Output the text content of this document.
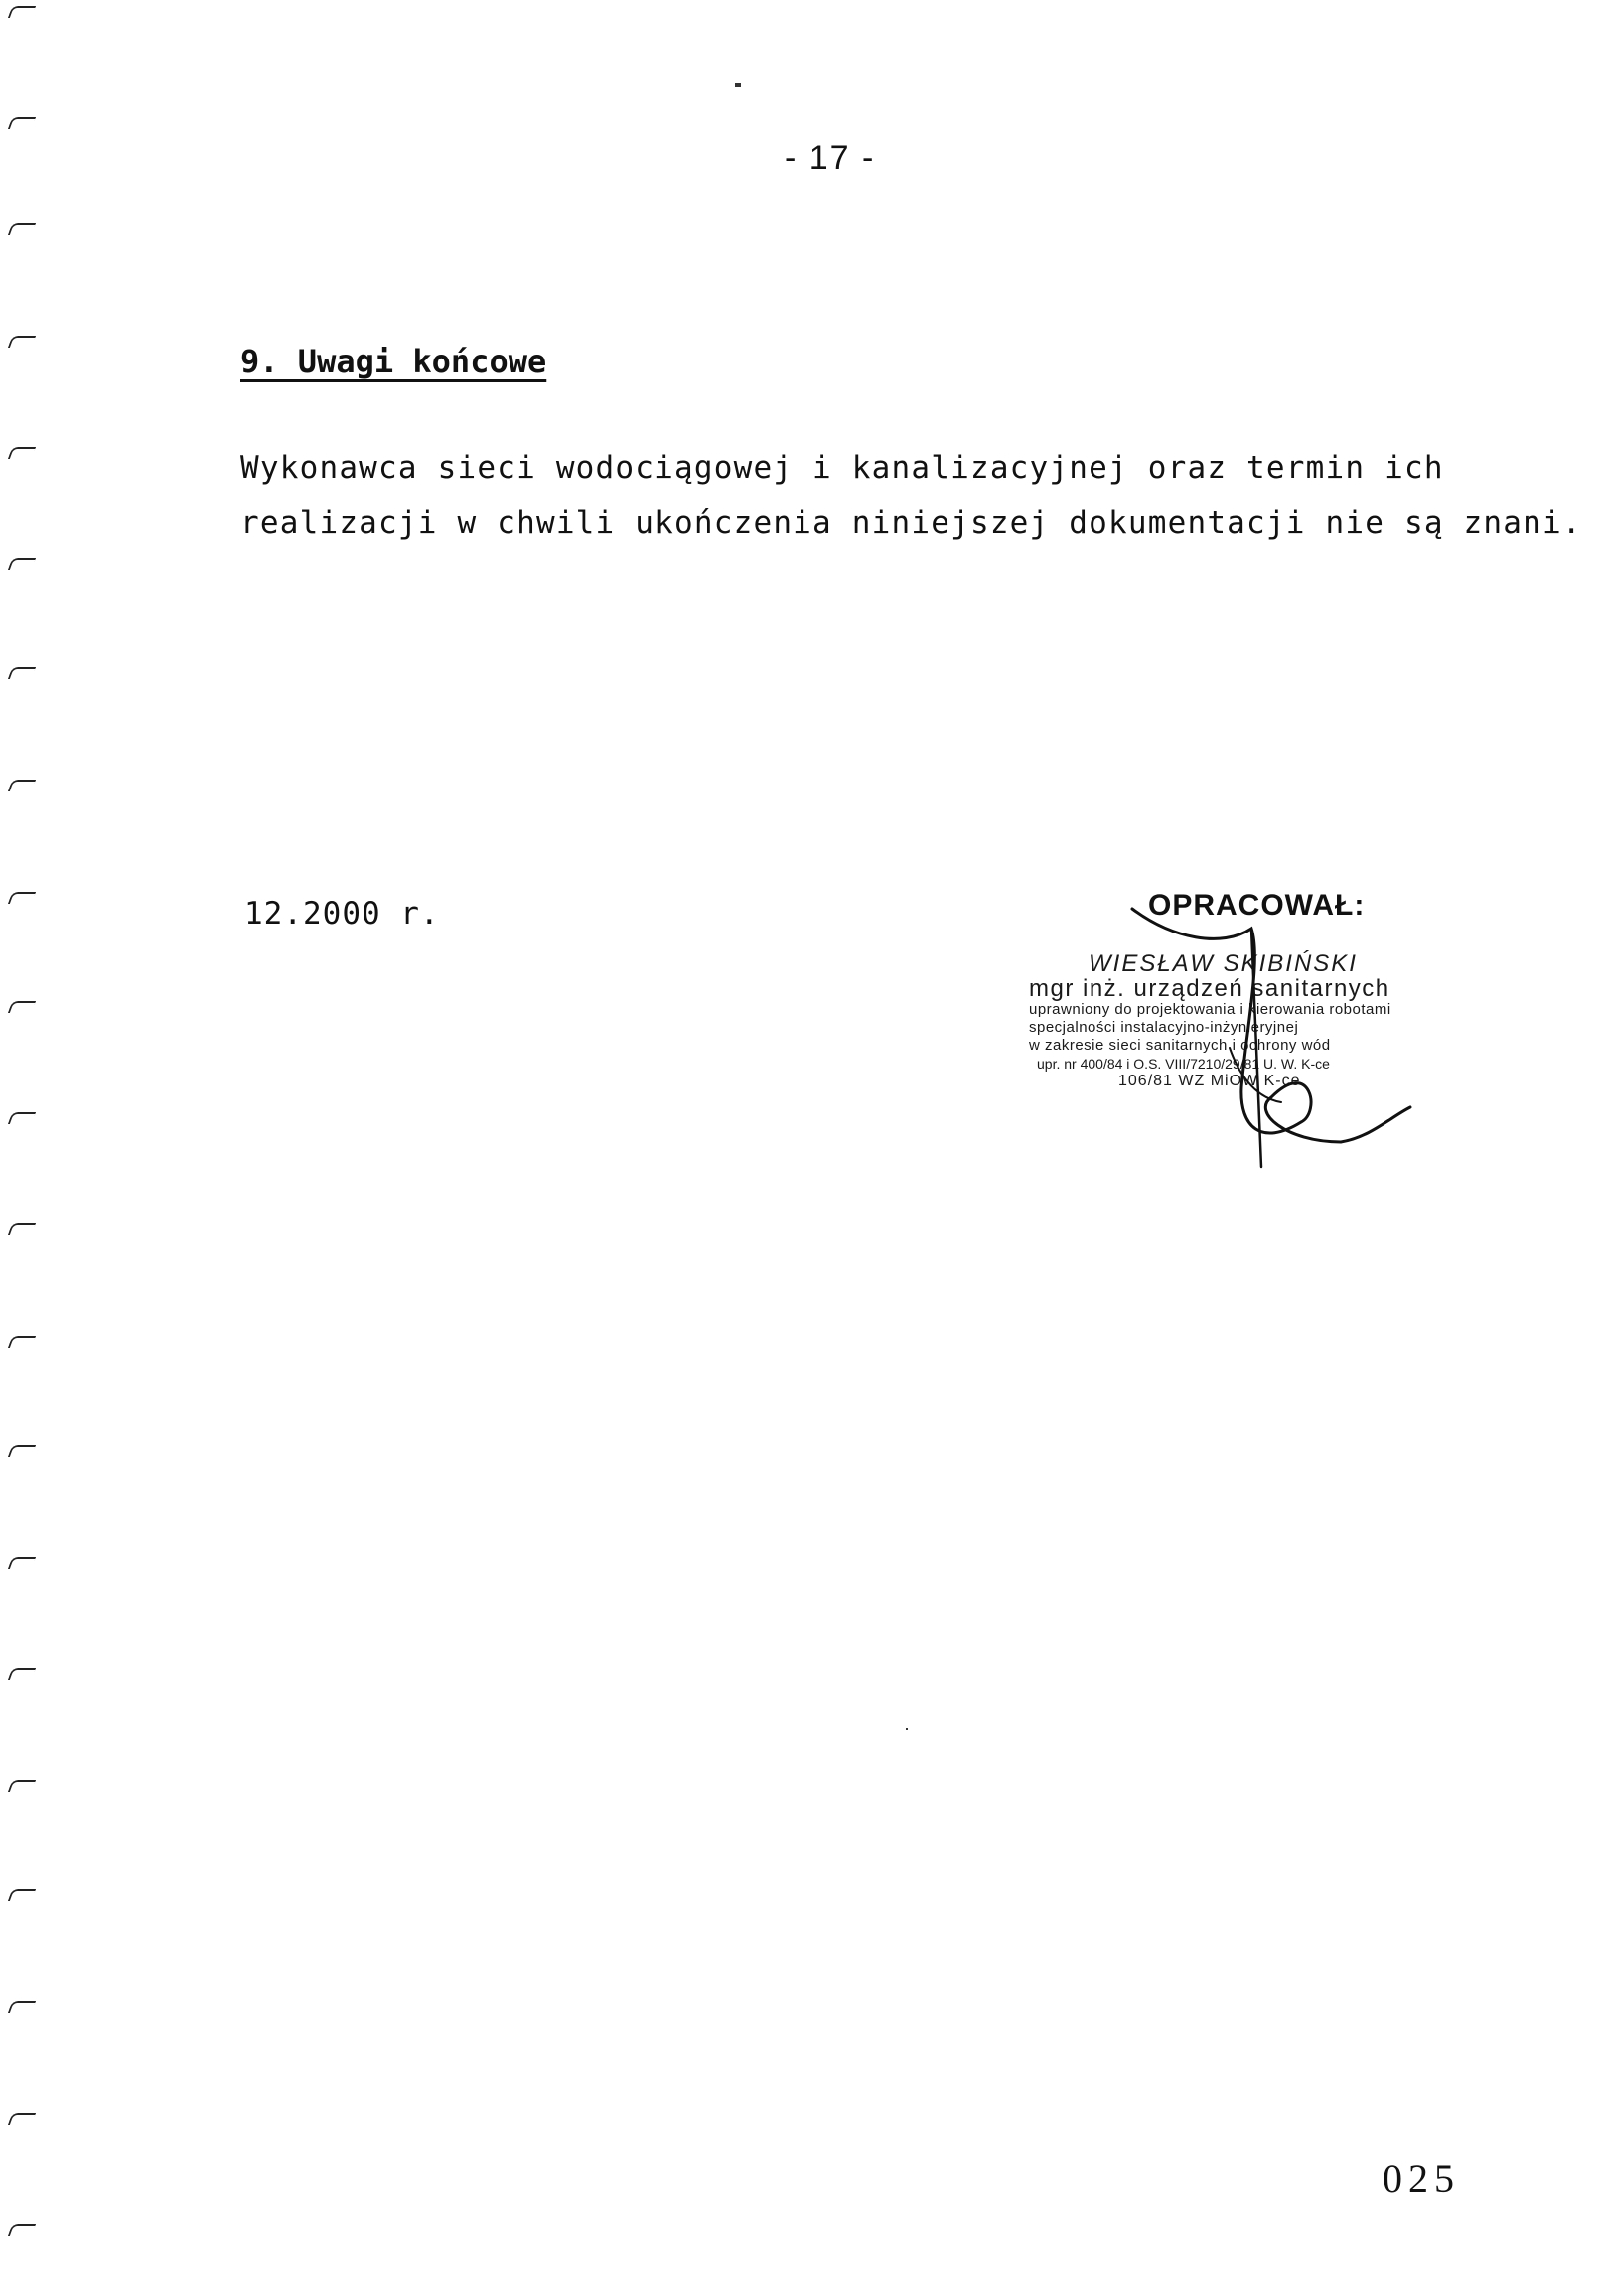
- 17 -
9. Uwagi końcowe
Wykonawca sieci wodociągowej i kanalizacyjnej oraz termin ich
realizacji w chwili ukończenia niniejszej dokumentacji nie są znani.
12.2000 r.	OPRACOWAŁ:
WIESŁAW SKIBIŃSKI
mgr inż. urządzeń sanitarnych
uprawniony do projektowania i kierowania robotami
specjalności instalacyjno-inżynieryjnej
w zakresie sieci sanitarnych i ochrony wód
upr. nr 400/84 i O.S. VIII/7210/29/81 U. W. K-ce
106/81 WZ MiOW K-ce
025
